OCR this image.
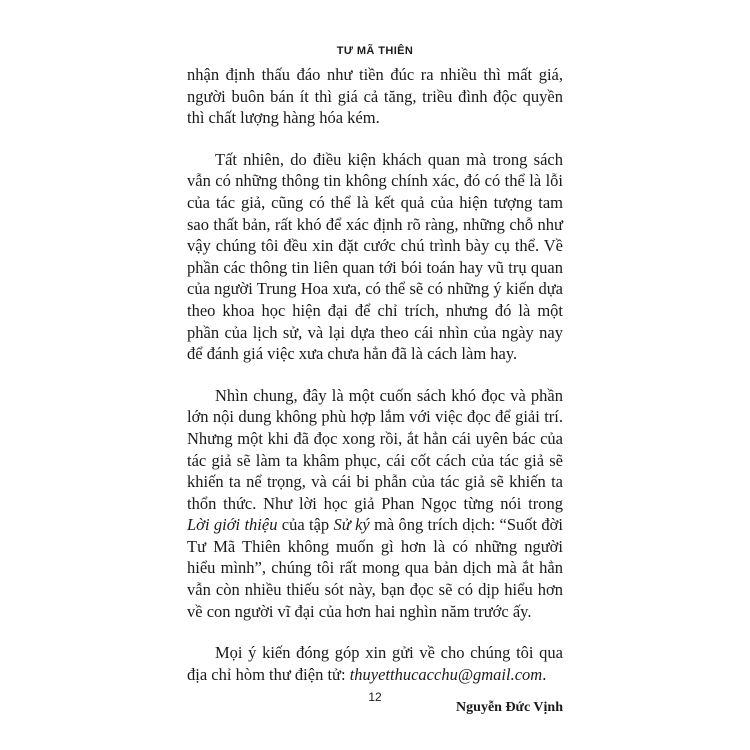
TƯ MÃ THIÊN

nhận định thấu đáo như tiền đúc ra nhiều thì mất giá, người buôn bán ít thì giá cả tăng, triều đình độc quyền thì chất lượng hàng hóa kém.

Tất nhiên, do điều kiện khách quan mà trong sách vẫn có những thông tin không chính xác, đó có thể là lỗi của tác giả, cũng có thể là kết quả của hiện tượng tam sao thất bản, rất khó để xác định rõ ràng, những chỗ như vậy chúng tôi đều xin đặt cước chú trình bày cụ thể. Về phần các thông tin liên quan tới bói toán hay vũ trụ quan của người Trung Hoa xưa, có thể sẽ có những ý kiến dựa theo khoa học hiện đại để chỉ trích, nhưng đó là một phần của lịch sử, và lại dựa theo cái nhìn của ngày nay để đánh giá việc xưa chưa hẳn đã là cách làm hay.

Nhìn chung, đây là một cuốn sách khó đọc và phần lớn nội dung không phù hợp lắm với việc đọc để giải trí. Nhưng một khi đã đọc xong rồi, ắt hẳn cái uyên bác của tác giả sẽ làm ta khâm phục, cái cốt cách của tác giả sẽ khiến ta nể trọng, và cái bi phẫn của tác giả sẽ khiến ta thổn thức. Như lời học giả Phan Ngọc từng nói trong Lời giới thiệu của tập Sử ký mà ông trích dịch: “Suốt đời Tư Mã Thiên không muốn gì hơn là có những người hiểu mình”, chúng tôi rất mong qua bản dịch mà ắt hẳn vẫn còn nhiều thiếu sót này, bạn đọc sẽ có dịp hiểu hơn về con người vĩ đại của hơn hai nghìn năm trước ấy.

Mọi ý kiến đóng góp xin gửi về cho chúng tôi qua địa chỉ hòm thư điện tử: thuyetthucacchu@gmail.com.

Nguyễn Đức Vịnh

12
